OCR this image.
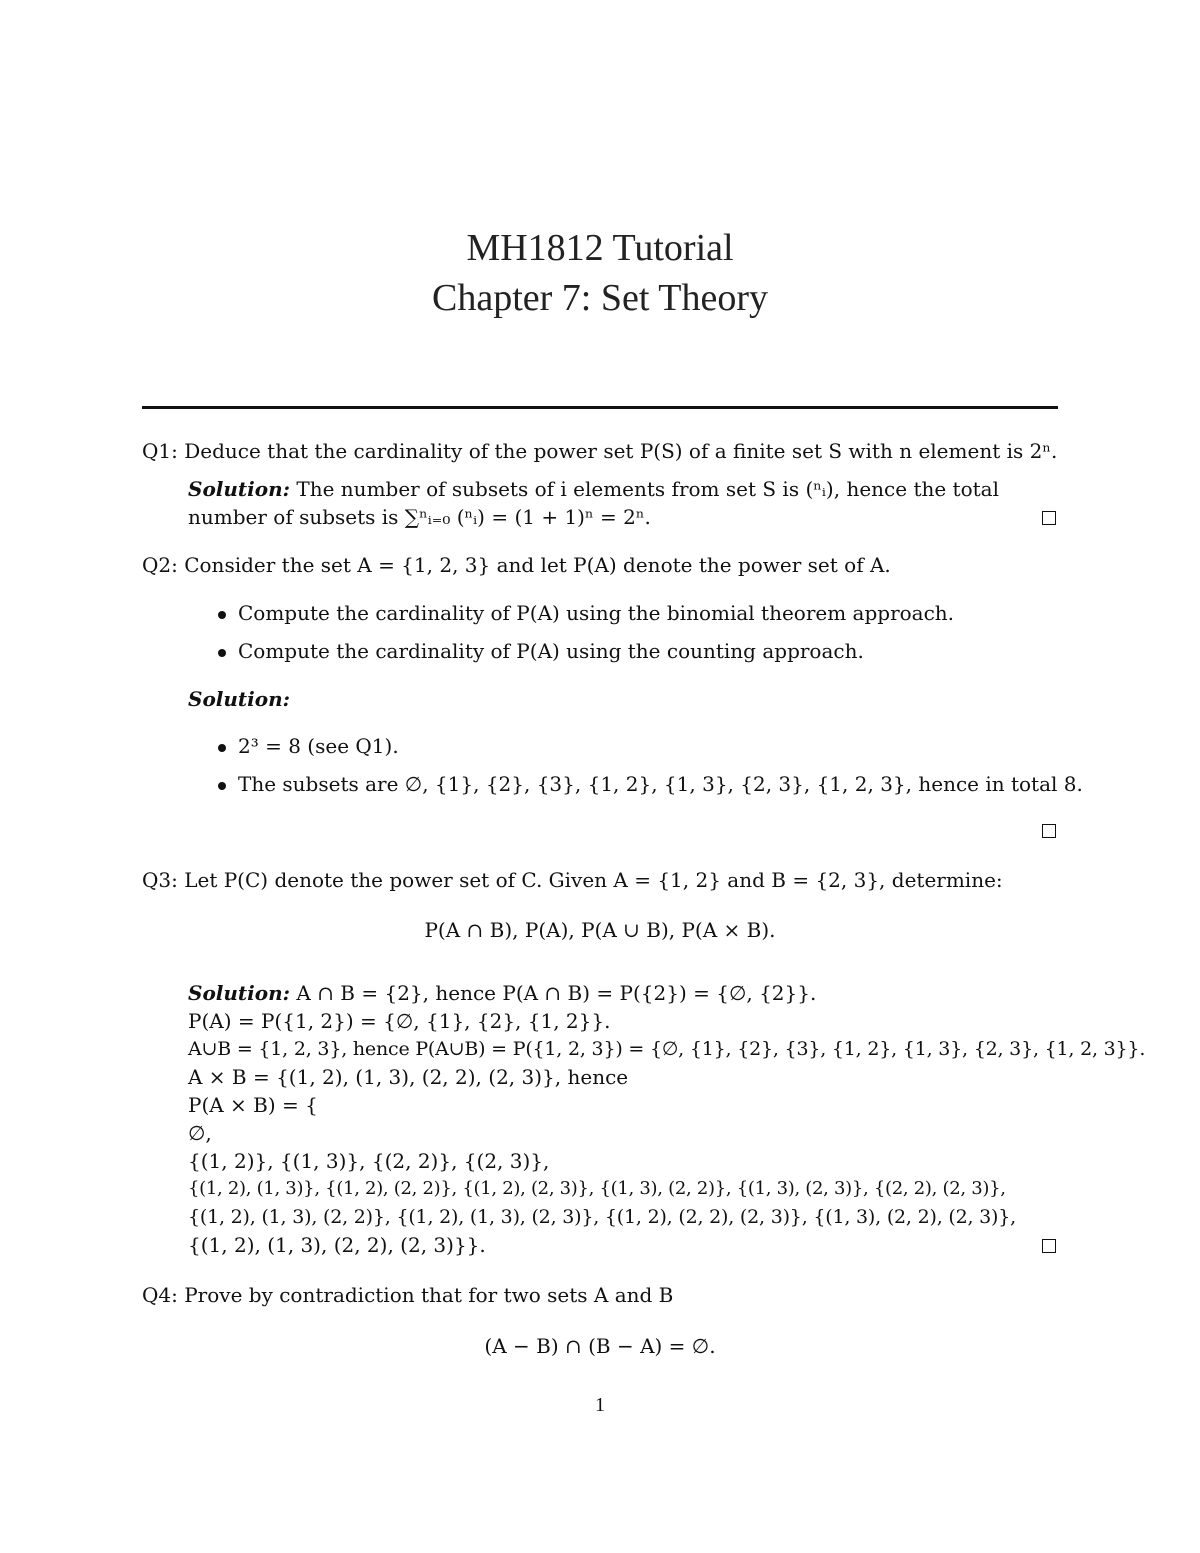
MH1812 Tutorial
Chapter 7: Set Theory
Q1: Deduce that the cardinality of the power set P(S) of a finite set S with n element is 2ⁿ.
Solution: The number of subsets of i elements from set S is (ⁿᵢ), hence the total
number of subsets is ∑ⁿᵢ₌₀ (ⁿᵢ) = (1 + 1)ⁿ = 2ⁿ.
Q2: Consider the set A = {1, 2, 3} and let P(A) denote the power set of A.
Compute the cardinality of P(A) using the binomial theorem approach.
Compute the cardinality of P(A) using the counting approach.
Solution:
2³ = 8 (see Q1).
The subsets are ∅, {1}, {2}, {3}, {1, 2}, {1, 3}, {2, 3}, {1, 2, 3}, hence in total 8.
Q3: Let P(C) denote the power set of C. Given A = {1, 2} and B = {2, 3}, determine:
P(A ∩ B), P(A), P(A ∪ B), P(A × B).
Solution: A ∩ B = {2}, hence P(A ∩ B) = P({2}) = {∅, {2}}.
P(A) = P({1, 2}) = {∅, {1}, {2}, {1, 2}}.
A∪B = {1, 2, 3}, hence P(A∪B) = P({1, 2, 3}) = {∅, {1}, {2}, {3}, {1, 2}, {1, 3}, {2, 3}, {1, 2, 3}}.
A × B = {(1, 2), (1, 3), (2, 2), (2, 3)}, hence
P(A × B) = {
∅,
{(1, 2)}, {(1, 3)}, {(2, 2)}, {(2, 3)},
{(1, 2), (1, 3)}, {(1, 2), (2, 2)}, {(1, 2), (2, 3)}, {(1, 3), (2, 2)}, {(1, 3), (2, 3)}, {(2, 2), (2, 3)},
{(1, 2), (1, 3), (2, 2)}, {(1, 2), (1, 3), (2, 3)}, {(1, 2), (2, 2), (2, 3)}, {(1, 3), (2, 2), (2, 3)},
{(1, 2), (1, 3), (2, 2), (2, 3)}}.
Q4: Prove by contradiction that for two sets A and B
(A − B) ∩ (B − A) = ∅.
1
